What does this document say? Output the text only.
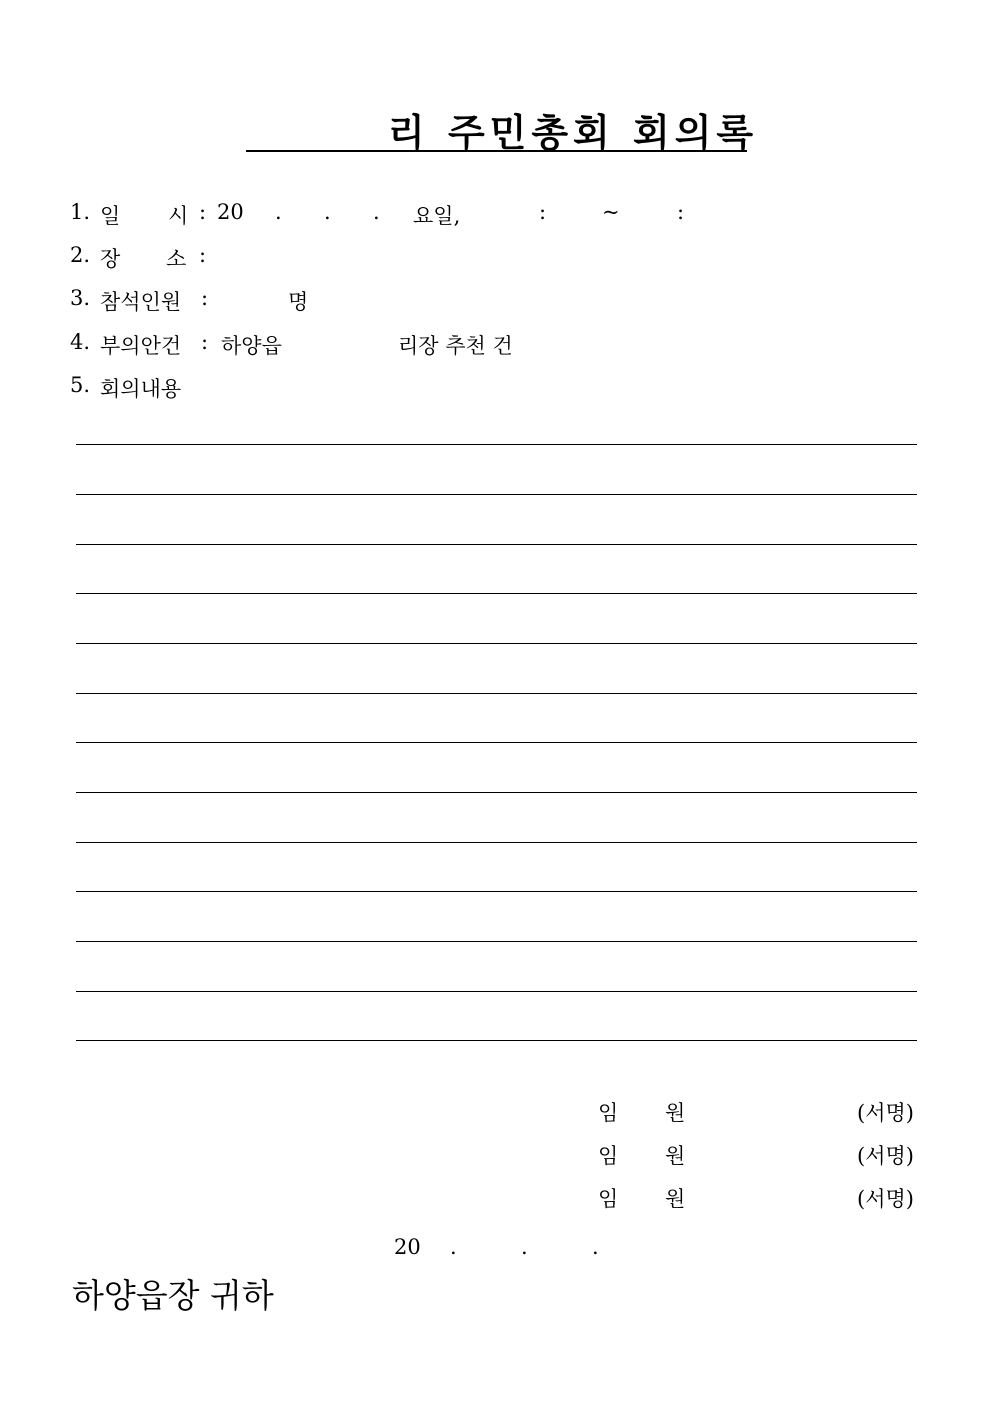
리 주민총회 회의록
1. 일 시 : 20 . . . 요일,	:	~	:
2. 장 소 :
3. 참석인원 :	명
4. 부의안건 : 하양읍	리장 추천 건
5. 회의내용
임 원	(서명)
임 원	(서명)
임 원	(서명)
20 .	.	.
하양읍장 귀하
